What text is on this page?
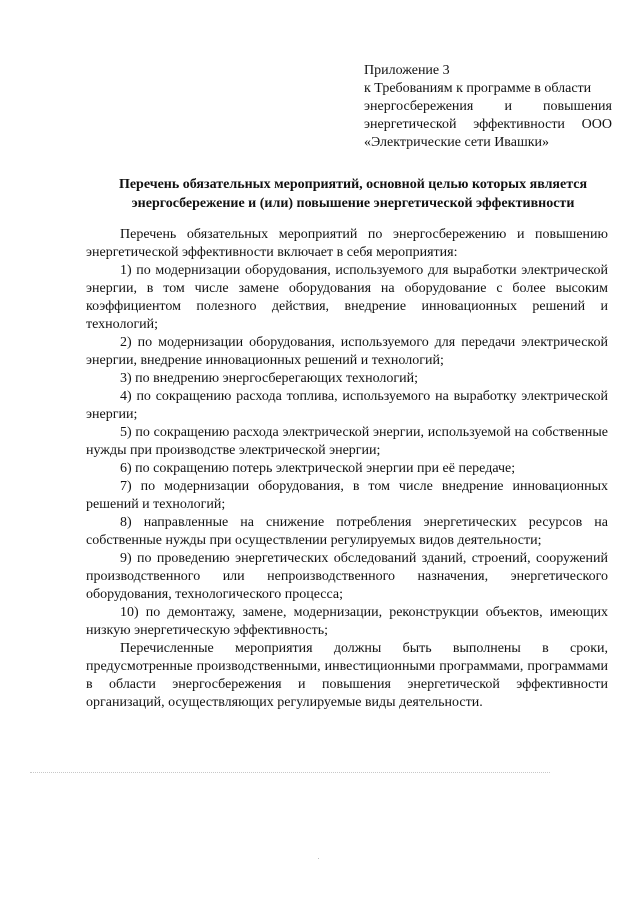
Приложение 3
к Требованиям к программе в области
энергосбережения и повышения
энергетической эффективности ООО
«Электрические сети Ивашки»
Перечень обязательных мероприятий, основной целью которых является энергосбережение и (или) повышение энергетической эффективности

Перечень обязательных мероприятий по энергосбережению и повышению энергетической эффективности включает в себя мероприятия:

1) по модернизации оборудования, используемого для выработки электрической энергии, в том числе замене оборудования на оборудование с более высоким коэффициентом полезного действия, внедрение инновационных решений и технологий;

2) по модернизации оборудования, используемого для передачи электрической энергии, внедрение инновационных решений и технологий;

3) по внедрению энергосберегающих технологий;

4) по сокращению расхода топлива, используемого на выработку электрической энергии;

5) по сокращению расхода электрической энергии, используемой на собственные нужды при производстве электрической энергии;

6) по сокращению потерь электрической энергии при её передаче;

7) по модернизации оборудования, в том числе внедрение инновационных решений и технологий;

8) направленные на снижение потребления энергетических ресурсов на собственные нужды при осуществлении регулируемых видов деятельности;

9) по проведению энергетических обследований зданий, строений, сооружений производственного или непроизводственного назначения, энергетического оборудования, технологического процесса;

10) по демонтажу, замене, модернизации, реконструкции объектов, имеющих низкую энергетическую эффективность;

Перечисленные мероприятия должны быть выполнены в сроки, предусмотренные производственными, инвестиционными программами, программами в области энергосбережения и повышения энергетической эффективности организаций, осуществляющих регулируемые виды деятельности.
